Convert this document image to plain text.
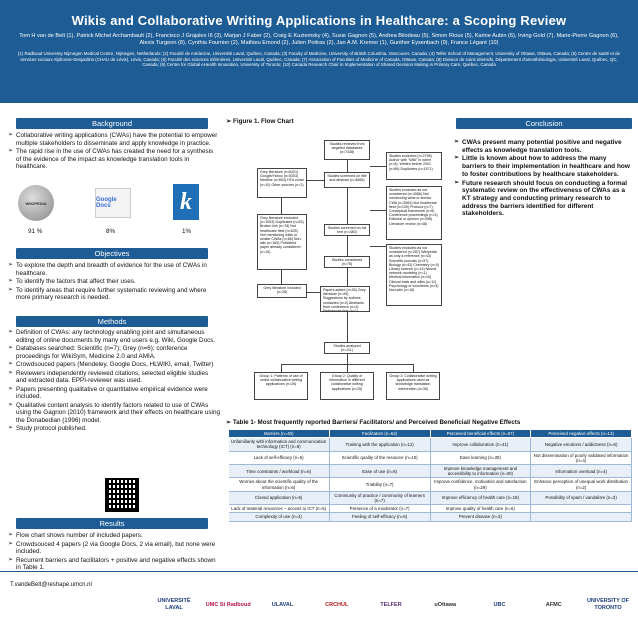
Wikis and Collaborative Writing Applications in Healthcare: a Scoping Review
Tom H van de Belt (1), Patrick Michel Archambault (2), Francisco J Grajales III (3), Marjan J Faber (2), Craig E Kuziemsky (4), Susie Gagnon (5), Andrea Bilodeau (5), Simon Rioux (5), Karine Aubin (6), Irving Gold (7), Marie-Pierre Gagnon (6), Alexis Turgeon (8), Cynthia Fournier (2), Mathieu Emond (2), Julien Poitras (2), Jan A.M. Kremer (1), Gunther Eysenbach (9), France Légaré (10)
(1) Radboud University Nijmegen Medical Centre, Nijmegen, Netherlands; (2) Faculté de médecine, Université Laval, Québec, Canada; (3) Faculty of Medicine, University of British Columbia, Vancouver, Canada; (4) Telfer School of Management, University of Ottawa, Ottawa, Canada; (5) Centre de santé et de services sociaux Alphonse-Desjardins (CHAU de Lévis), Lévis, Canada; (6) Faculté des sciences infirmières, Université Laval, Québec, Canada; (7) Association of Faculties of Medicine of Canada, Ottawa, Canada; (8) Division de soins intensifs, Département d'anesthésiologie, Université Laval, Québec, QC, Canada; (9) Centre for Global eHealth Innovation, University of Toronto; (10) Canada Research Chair in Implementation of Shared Decision Making in Primary Care, Québec, Canada
Background
➢ Collaborative writing applications (CWAs) have the potential to empower multiple stakeholders to disseminate and apply knowledge in practice.
➢ The rapid rise in the use of CWAs has created the need for a synthesis of the evidence of the impact as knowledge translation tools in healthcare.
WIKIPEDIA	Google Docs	k
91 %	8%	1%
Objectives
➢ To explore the depth and breadth of evidence for the use of CWAs in healthcare.
➢ To identify the factors that affect their uses.
➢ To identify areas that require further systematic reviewing and where more primary research is needed.
Methods
➢ Definition of CWAs: any technology enabling joint and simultaneous editing of online documents by many end users e.g. Wiki, Google Docs.
➢ Databases searched: Scientific (n=7); Grey (n=6); conference proceedings for WikiSym, Medicine 2.0 and AMIA.
➢ Crowdsouced papers (Mendeley, Google Docs, HLWIKI, email, Twitter)
➢ Reviewers independently reviewed citations, selected eligible studies and extracted data. EPPI-reviewer was used.
➢ Papers presenting qualitative or quantitative empirical evidence were included.
➢ Qualitative content analysis to identify factors related to use of CWAs using the Gagnon (2010) framework and their effects on healthcare using the Donabedian (1996) model.
➢ Study protocol published.
Results
➢ Flow chart shows number of included papers.
➢ Crowdsouced 4 papers (2 via Google Docs, 2 via email), but none were included.
➢ Recurrent barriers and facilitators + positive and negative effects shown in Table 1.
➢ Figure 1. Flow Chart
Studies retrieved from targeted databases (n=7338)
Grey literature (n=6321) Google/Yahoo (n=5303) Medline (n=654) HTA vortal (n=10) Other sources (n=2)
Studies excluded (n=2796) Author with "Wiki" in name (n=5), Written before 2001 (n=89) Duplicates (n=1571)
Studies screened on title and abstract (n=4866)
Studies excluded as not considered (n=4086) Not mentioning wikis or similar CWA (n=3564) Not healthcare field (n=109) Protocol (n=7) Conceptual framework (n=6) Conference proceedings (n=4) Editorial or opinion (n=396) Literature review (n=48)
Grey literature excluded (n=1053) Duplicates (n=53) Broken link (n=78) Not healthcare field (n=625) Not mentioning wikis or similar CWAs (n=66) Non-wiki (n=165) Published paper already considered (n=16)
Studies screened on full text (n=380)
Studies excluded as not considered (n=287) Wikipedia as only a reference (n=43) Scientific journals (n=57) Biology (n=43) Chemistry (n=5) Library science (n=14) Neural network modeling (n=1) Medical informatics (n=10) Clinical trials and wikis (n=11) Psychology of volunteers (n=5) Non-wiki (n=18)
Studies considered (n=76)
Grey literature included (n=28)
Papers added (n=35) Grey literature (n=28) Suggestions by authors contacted (n=2) Abstracts from conference (n=4) References lists (n=1)
Studies analyzed (n=111)
Group 1: Patterns of use of online collaborative writing applications (n=26)
Group 2: Quality of information in different collaborative writing applications (n=25)
Group 3: Collaborative writing applications used as knowledge translation intervention (n=35)
Conclusion
➢ CWAs present many potential positive and negative effects as knowledge translation tools.
➢ Little is known about how to address the many barriers to their implementation in healthcare and how to foster contributions by healthcare stakeholders.
➢ Future research should focus on conducting a formal systematic review on the effectiveness of CWAs as a KT strategy and conducting primary research to address the barriers identified for different stakeholders.
➢ Table 1- Most frequently reported Barriers/ Facilitators/ and Perceived Beneficial/ Negative Effects
Barriers (n=40)	Facilitators (n=52)	Perceived beneficial effects (n=57)	Perceived negative effects (n=13)
Unfamiliarity with information and communication technology (ICT) (n=8)	Training with the application (n=12)	Improve collaboration (n=41)	Negative emotions / addictness (n=6)
Lack of self-efficacy (n=6)	Scientific quality of the resource (n=10)	Ease learning (n=30)	Not dissemination of poorly validated information (n=4)
Time constraints / workload (n=6)	Ease of use (n=8)	Improve knowledge management and accessibility to information (n=30)	Information overload (n=4)
Worries about the scientific quality of the information (n=6)	Triability (n=7)	Improve confidence, motivation and satisfaction (n=29)	Enhance perception of unequal work distribution (n=2)
Closed application (n=5)	Community of practice / community of learners (n=7)	Improve efficiency of health care (n=19)	Possibility of spam / vandalism (n=2)
Lack of material resources – access to ICT (n=5)	Presence of a moderator (n=7)	Improve quality of health care (n=6)	
Complexity of use (n=4)	Feeling of self-efficacy (n=6)	Prevent disease (n=3)	
T.vandeBelt@reshape.umcn.nl
UNIVERSITÉ LAVAL
UMC St Radboud	ULAVAL	CRCHUL	TELFER	uOttawa	UBC	AFMC
UNIVERSITY OF TORONTO
